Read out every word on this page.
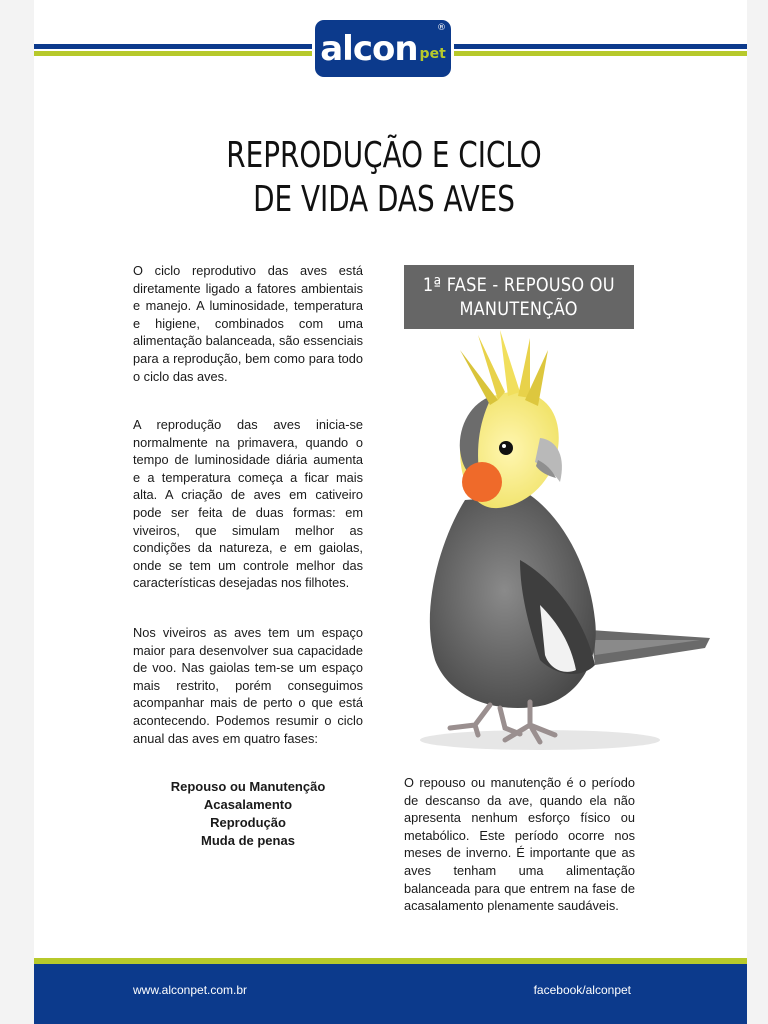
alcon pet
®
REPRODUÇÃO E CICLO
DE VIDA DAS AVES

O ciclo reprodutivo das aves está diretamente ligado a fatores ambientais e manejo. A luminosidade, temperatura e higiene, combinados com uma alimentação balanceada, são essenciais para a reprodução, bem como para todo o ciclo das aves.

A reprodução das aves inicia-se normalmente na primavera, quando o tempo de luminosidade diária aumenta e a temperatura começa a ficar mais alta. A criação de aves em cativeiro pode ser feita de duas formas: em viveiros, que simulam melhor as condições da natureza, e em gaiolas, onde se tem um controle melhor das características desejadas nos filhotes.

Nos viveiros as aves tem um espaço maior para desenvolver sua capacidade de voo. Nas gaiolas tem-se um espaço mais restrito, porém conseguimos acompanhar mais de perto o que está acontecendo. Podemos resumir o ciclo anual das aves em quatro fases:

Repouso ou Manutenção
Acasalamento
Reprodução
Muda de penas
1ª FASE - REPOUSO OU
MANUTENÇÃO

O repouso ou manutenção é o período de descanso da ave, quando ela não apresenta nenhum esforço físico ou metabólico. Este período ocorre nos meses de inverno. É importante que as aves tenham uma alimentação balanceada para que entrem na fase de acasalamento plenamente saudáveis.

www.alconpet.com.br	facebook/alconpet
